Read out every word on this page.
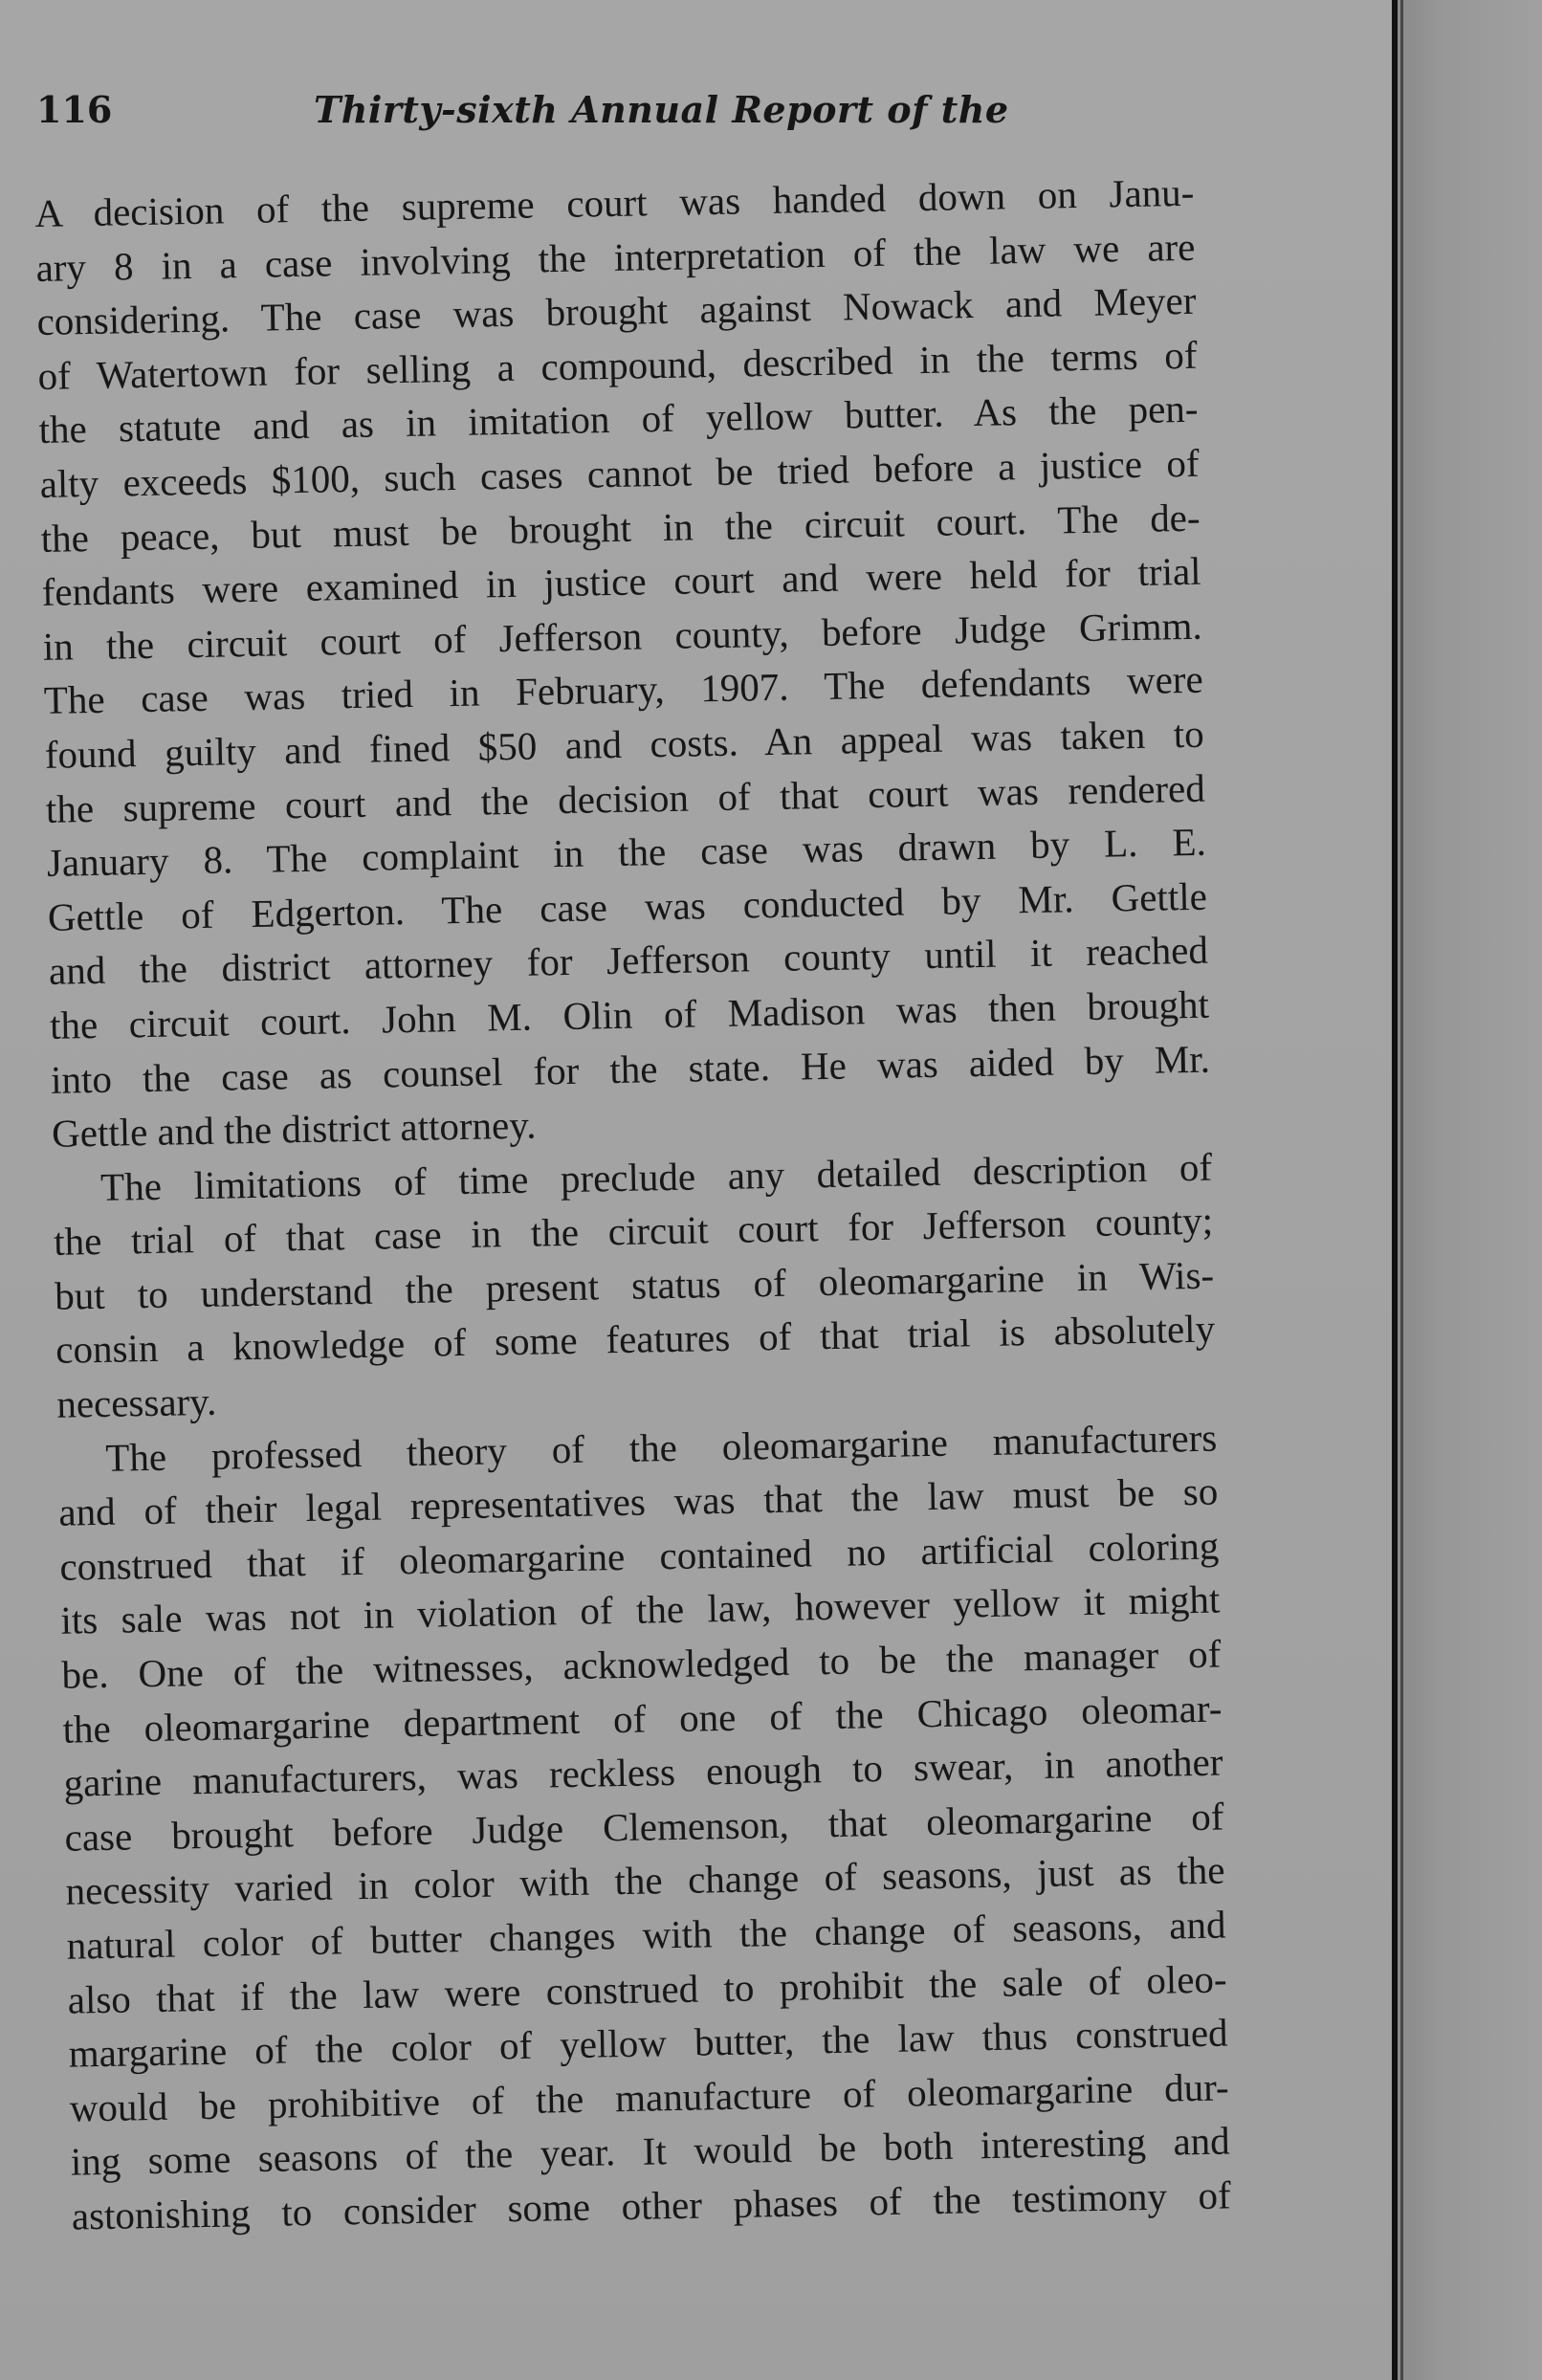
116	Thirty-sixth Annual Report of the
A decision of the supreme court was handed down on Janu-
ary 8 in a case involving the interpretation of the law we are
considering. The case was brought against Nowack and Meyer
of Watertown for selling a compound, described in the terms of
the statute and as in imitation of yellow butter. As the pen-
alty exceeds $100, such cases cannot be tried before a justice of
the peace, but must be brought in the circuit court. The de-
fendants were examined in justice court and were held for trial
in the circuit court of Jefferson county, before Judge Grimm.
The case was tried in February, 1907. The defendants were
found guilty and fined $50 and costs. An appeal was taken to
the supreme court and the decision of that court was rendered
January 8. The complaint in the case was drawn by L. E.
Gettle of Edgerton. The case was conducted by Mr. Gettle
and the district attorney for Jefferson county until it reached
the circuit court. John M. Olin of Madison was then brought
into the case as counsel for the state. He was aided by Mr.
Gettle and the district attorney.
The limitations of time preclude any detailed description of
the trial of that case in the circuit court for Jefferson county;
but to understand the present status of oleomargarine in Wis-
consin a knowledge of some features of that trial is absolutely
necessary.
The professed theory of the oleomargarine manufacturers
and of their legal representatives was that the law must be so
construed that if oleomargarine contained no artificial coloring
its sale was not in violation of the law, however yellow it might
be. One of the witnesses, acknowledged to be the manager of
the oleomargarine department of one of the Chicago oleomar-
garine manufacturers, was reckless enough to swear, in another
case brought before Judge Clemenson, that oleomargarine of
necessity varied in color with the change of seasons, just as the
natural color of butter changes with the change of seasons, and
also that if the law were construed to prohibit the sale of oleo-
margarine of the color of yellow butter, the law thus construed
would be prohibitive of the manufacture of oleomargarine dur-
ing some seasons of the year. It would be both interesting and
astonishing to consider some other phases of the testimony of
